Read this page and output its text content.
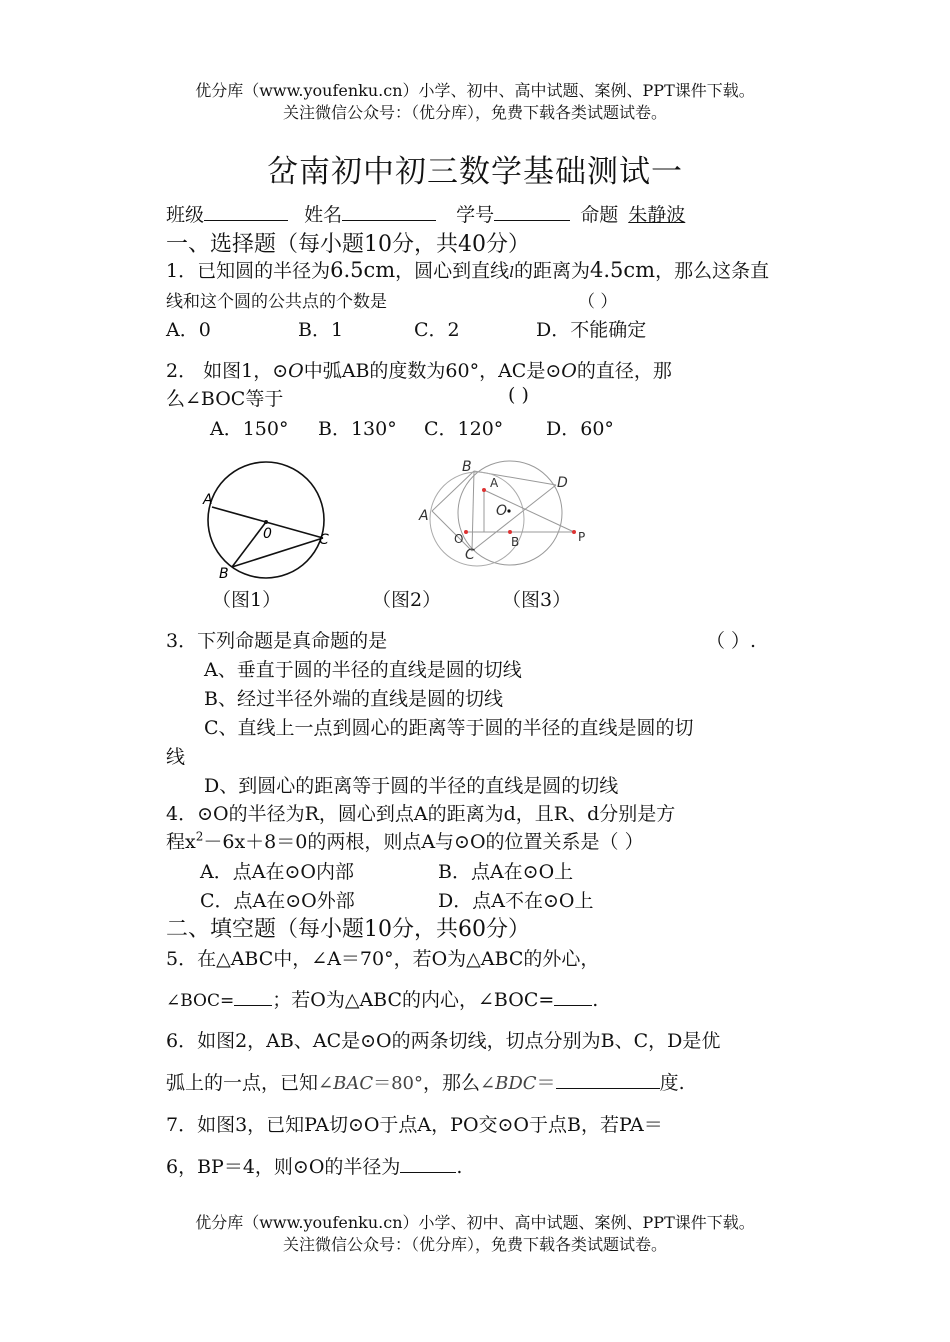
优分库（www.youfenku.cn）小学、初中、高中试题、案例、PPT课件下载。
关注微信公众号：（优分库），免费下载各类试题试卷。
岔南初中初三数学基础测试一
班级	姓名	学号	命题 朱静波
一、选择题（每小题10分，共40分）
1．已知圆的半径为6.5cm，圆心到直线l的距离为4.5cm，那么这条直
线和这个圆的公共点的个数是	（ ）
A．0	B．1	C．2	D．不能确定
2． 如图1，⊙O中弧AB的度数为60°，AC是⊙O的直径，那
么∠BOC等于	( )
A．150° B．130° C．120° D．60°
A
B
C
0
A
B
C
D
O
A
O	B	P
（图1）	（图2）	（图3）
3．下列命题是真命题的是	（ ）.
A、垂直于圆的半径的直线是圆的切线
B、经过半径外端的直线是圆的切线
C、直线上一点到圆心的距离等于圆的半径的直线是圆的切
线
D、到圆心的距离等于圆的半径的直线是圆的切线
4．⊙O的半径为R，圆心到点A的距离为d，且R、d分别是方
程$x^2-6x+8=0$的两根，则点A与⊙O的位置关系是（ ）
A．点A在⊙O内部	B．点A在⊙O上
C．点A在⊙O外部	D．点A不在⊙O上
二、填空题（每小题10分，共60分）
5．在△ABC中，∠A＝70°，若O为△ABC的外心，
∠BOC= ；若O为△ABC的内心，∠BOC= .
6．如图2，AB、AC是⊙O的两条切线，切点分别为B、C，D是优
弧上的一点，已知∠BAC＝80°，那么∠BDC＝	度.
7．如图3，已知PA切⊙O于点A，PO交⊙O于点B，若PA＝
6，BP＝4，则⊙O的半径为	.
优分库（www.youfenku.cn）小学、初中、高中试题、案例、PPT课件下载。
关注微信公众号：（优分库），免费下载各类试题试卷。
